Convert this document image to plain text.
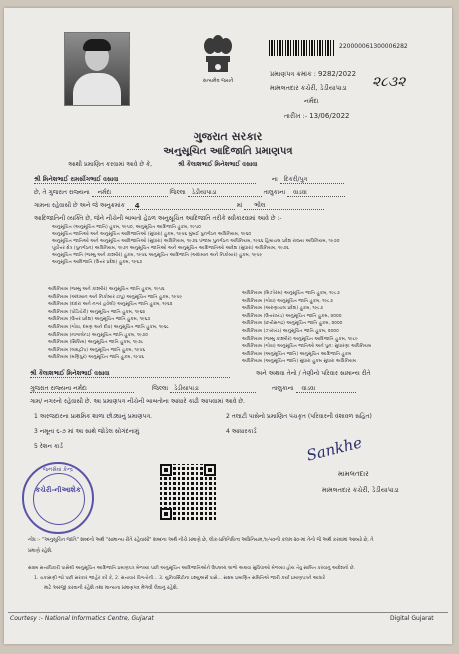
સત્યમેવ જયતે
220000061300006282
પ્રમાણપત્ર ક્રમાંક : 9282/2022 ૨૮૩૨
મામલતદાર કચેરી, ડેડીયાપાડા
નર્મદા
તારીખ :- 13/06/2022
ગુજરાત સરકાર
અનુસૂચિત આદિજાતિ પ્રમાણપત્ર
આથી પ્રમાણિત કરવામાં આવે છે કે,	શ્રી કૈલાશભાઈ મિનેશભાઈ વસાવા
શ્રી મિનેશભાઈ રામસીંગભાઈ વસાવા	ના દિકરી/પુત્ર
છે, તે ગુજરાત રાજ્યના નર્મદા	જિલ્લા ડેડીયાપાડા	તાલુકાના વાડવા
ગામના રહેવાસી છે અને જે અનુક્રમાંક 4	માં ભીલ
આદિજાતિની વ્યક્તિ છે, જેને નીચેની બાબતો હેઠળ અનુસૂચિત આદિજાતિ તરીકે સ્વીકારવામાં આવે છે :-
અનુસૂચિત (અનુસૂચિત જાતિ) હુકમ, ૧૯૫૦, અનુસૂચિત આદિજાતિ હુકમ, ૧૯૫૦
અનુસૂચિત જાતિઓ અને અનુસૂચિત આદિજાતિઓ (સુધારા) હુકમ, ૧૯૫૬ મુંબઈ પુનર્ગઠન અધિનિયમ, ૧૯૬૦
અનુસૂચિત જાતિઓ અને અનુસૂચિત આદિજાતિઓ (સુધારા) અધિનિયમ, ૧૯૭૬ પંજાબ પુનર્ગઠન અધિનિયમ, ૧૯૬૬ હિમાચલ પ્રદેશ રાજ્ય અધિનિયમ, ૧૯૭૦
પૂર્વોત્તર ક્ષેત્ર (પુનર્ગઠન) અધિનિયમ, ૧૯૭૧ અનુસૂચિત જાતિઓ અને અનુસૂચિત આદિજાતિઓ આદેશ (સુધારા) અધિનિયમ, ૧૯૭૬
અનુસૂચિત જાતિ (જમ્મુ અને કાશ્મીર) હુકમ, ૧૯૫૬ અનુસૂચિત આદિજાતિ (અંદામાન અને નિકોબાર) હુકમ, ૧૯૫૯
અનુસૂચિત આદિજાતિ (ઉત્તર પ્રદેશ) હુકમ, ૧૯૬૭
અધિનિયમ (જમ્મુ અને કાશ્મીર) અનુસૂચિત જાતિ હુકમ, ૧૯૫૬
અધિનિયમ (અંદામાન અને નિકોબાર ટાપુ) અનુસૂચિત જાતિ હુકમ, ૧૯૫૯
અધિનિયમ (દાદરા અને નગર હવેલી) અનુસૂચિત જાતિ હુકમ, ૧૯૬૨
અધિનિયમ (પોંડિચેરી) અનુસૂચિત જાતિ હુકમ, ૧૯૬૪
અધિનિયમ (ઉત્તર પ્રદેશ) અનુસૂચિત જાતિ હુકમ, ૧૯૬૭
અધિનિયમ (ગોવા, દમણ અને દીવ) અનુસૂચિત જાતિ હુકમ, ૧૯૬૮
અધિનિયમ (નાગાલેન્ડ) અનુસૂચિત જાતિ હુકમ, ૧૯૭૦
અધિનિયમ (સિક્કિમ) અનુસૂચિત જાતિ હુકમ, ૧૯૭૮
અધિનિયમ (લક્ષદ્વીપ) અનુસૂચિત જાતિ હુકમ, ૧૯૫૬
અધિનિયમ (મણિપુર) અનુસૂચિત જાતિ હુકમ, ૧૯૫૬
અધિનિયમ (મિઝોરમ) અનુસૂચિત જાતિ હુકમ, ૧૯૮૭
અધિનિયમ (ગોવા) અનુસૂચિત જાતિ હુકમ, ૧૯૮૭
અધિનિયમ (અરુણાચલ પ્રદેશ) હુકમ, ૧૯૮૭
અધિનિયમ (ઉત્તરાખંડ) અનુસૂચિત જાતિ હુકમ, ૨૦૦૦
અધિનિયમ (છત્તીસગઢ) અનુસૂચિત જાતિ હુકમ, ૨૦૦૦
અધિનિયમ (ઝારખંડ) અનુસૂચિત જાતિ હુકમ, ૨૦૦૦
અધિનિયમ (જમ્મુ કાશ્મીર) અનુસૂચિત આદિજાતિ હુકમ, ૧૯૮૯
અધિનિયમ (ગોવા) અનુસૂચિત જાતિઓ અને પુન: સુધારણા અધિનિયમ
અધિનિયમ (અનુસૂચિત જાતિ) અનુસૂચિત આદિજાતિ હુકમ
અધિનિયમ (અનુસૂચિત જાતિ) સુધારા હુકમ સુધારા અધિનિયમ
શ્રી કૈલાશભાઈ મિનેશભાઈ વસાવા	અને અથવા તેનો / તેણીનો પરિવાર સામાન્ય રીતે
ગુજરાત રાજ્યના નર્મદા	જિલ્લા ડેડીયાપાડા	તાલુકાના વાડવા
ગામ/ નગરનો રહેવાસી છે. આ પ્રમાણપત્ર નીચેની બાબતોના આધારે કાઢી આપવામાં આવે છે.
1 અરજદારના પ્રાથમિક શાળા છોડ્યાનું પ્રમાણપત્ર.	2 તલાટી પાસેનો પ્રમાણિત પંચકૃત (પરિવારની વંશાવળ સહિત)
3 નમૂના ૬-૭ માં આ સાથે જોડેલ સોગંદનામું	4 આધારકાર્ડ
5 રેશન કાર્ડ
જનસેવા કેન્દ્ર
કચેરી-નીઆશેક
Sankhe
મામલતદાર
મામલતદાર કચેરી, ડેડીયાપાડા
નોંધ :- "અનુસૂચિત જાતિ" શબ્દનો અર્થ "સામાન્ય રીતે રહેવાસી" શબ્દના અર્થ નીચે પ્રમાણે છે, લોક-પ્રતિનિધિત્વ અધિનિયમ,૧૯૫૦ની કલમ ૨૦-માં તેનો જે અર્થ કરવામાં આવ્યો છે, તે
પ્રમાણે રહેશે.
સક્ષમ સત્તાધિકારી પાસેથી અનુસૂચિત આદિજાતિ પ્રમાણપત્ર મેળવ્યા પછી અનુસૂચિત આદિજાતિઓને ઉપલબ્ધ લાભો અથવા સુવિધાઓ મેળવ્યા હોય તેવુ સાબિત કરવાનુ આદેશનો છે.
1. ચકાસણી જો પછી સરકાર જાહેર કરે કે, 2. સત્તાવાર વિગતોની... 3. યુનિવર્સિટીના ઇશ્યુઅર્સ પાસે... સક્ષમ પ્રમાણિત સમિતિએ જારી કર્યા પ્રમાણપત્રને આધારે
માટે અરજી કરવાની રહેશે તથા માન્યતા પ્રમાણપત્ર મેળવી લેવાનું રહેશે.
Courtesy :- National Informatics Centre, Gujarat	Digital Gujarat
